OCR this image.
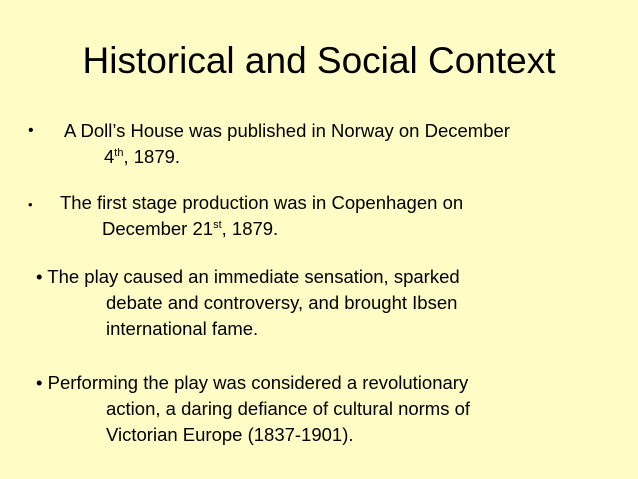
Historical and Social Context
• A Doll’s House was published in Norway on December
4th, 1879.
• The first stage production was in Copenhagen on
December 21st, 1879.
• The play caused an immediate sensation, sparked
debate and controversy, and brought Ibsen
international fame.
• Performing the play was considered a revolutionary
action, a daring defiance of cultural norms of
Victorian Europe (1837-1901).
